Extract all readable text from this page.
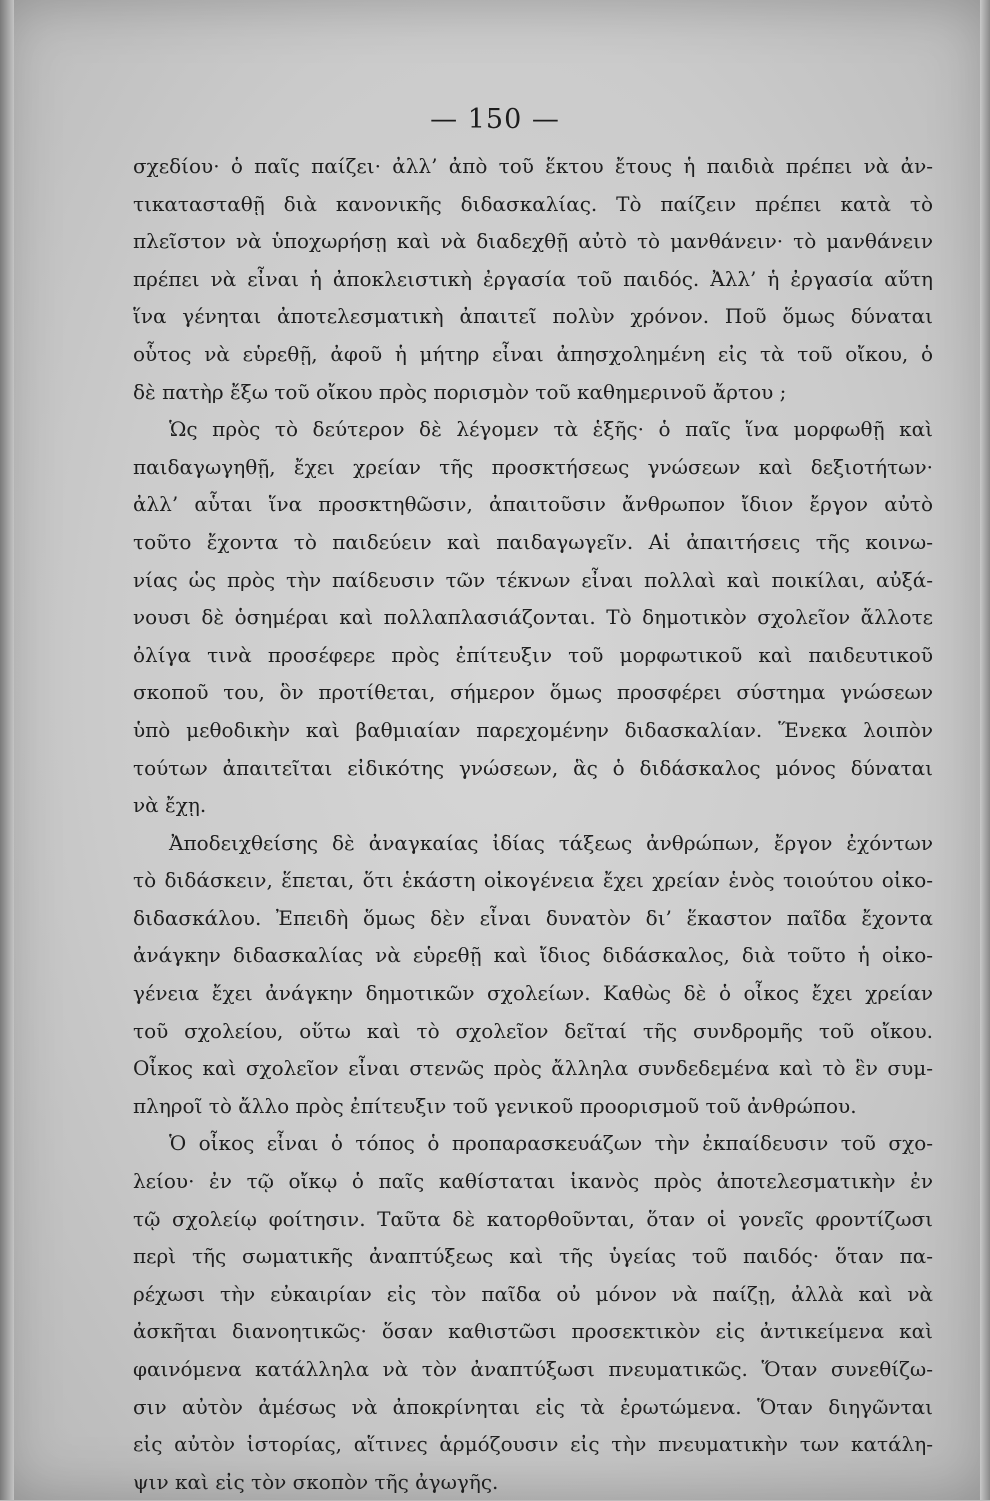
— 150 —
σχεδίου· ὁ παῖς παίζει· ἀλλ’ ἀπὸ τοῦ ἕκτου ἔτους ἡ παιδιὰ πρέπει νὰ ἀν-
τικατασταθῇ διὰ κανονικῆς διδασκαλίας. Τὸ παίζειν πρέπει κατὰ τὸ
πλεῖστον νὰ ὑποχωρήσῃ καὶ νὰ διαδεχθῇ αὐτὸ τὸ μανθάνειν· τὸ μανθάνειν
πρέπει νὰ εἶναι ἡ ἀποκλειστικὴ ἐργασία τοῦ παιδός. Ἀλλ’ ἡ ἐργασία αὕτη
ἵνα γένηται ἀποτελεσματικὴ ἀπαιτεῖ πολὺν χρόνον. Ποῦ ὅμως δύναται
οὗτος νὰ εὑρεθῇ, ἀφοῦ ἡ μήτηρ εἶναι ἀπησχολημένη εἰς τὰ τοῦ οἴκου, ὁ
δὲ πατὴρ ἔξω τοῦ οἴκου πρὸς πορισμὸν τοῦ καθημερινοῦ ἄρτου ;
Ὡς πρὸς τὸ δεύτερον δὲ λέγομεν τὰ ἑξῆς· ὁ παῖς ἵνα μορφωθῇ καὶ
παιδαγωγηθῇ, ἔχει χρείαν τῆς προσκτήσεως γνώσεων καὶ δεξιοτήτων·
ἀλλ’ αὗται ἵνα προσκτηθῶσιν, ἀπαιτοῦσιν ἄνθρωπον ἴδιον ἔργον αὐτὸ
τοῦτο ἔχοντα τὸ παιδεύειν καὶ παιδαγωγεῖν. Αἱ ἀπαιτήσεις τῆς κοινω-
νίας ὡς πρὸς τὴν παίδευσιν τῶν τέκνων εἶναι πολλαὶ καὶ ποικίλαι, αὐξά-
νουσι δὲ ὁσημέραι καὶ πολλαπλασιάζονται. Τὸ δημοτικὸν σχολεῖον ἄλλοτε
ὀλίγα τινὰ προσέφερε πρὸς ἐπίτευξιν τοῦ μορφωτικοῦ καὶ παιδευτικοῦ
σκοποῦ του, ὃν προτίθεται, σήμερον ὅμως προσφέρει σύστημα γνώσεων
ὑπὸ μεθοδικὴν καὶ βαθμιαίαν παρεχομένην διδασκαλίαν. Ἕνεκα λοιπὸν
τούτων ἀπαιτεῖται εἰδικότης γνώσεων, ἃς ὁ διδάσκαλος μόνος δύναται
νὰ ἔχῃ.
Ἀποδειχθείσης δὲ ἀναγκαίας ἰδίας τάξεως ἀνθρώπων, ἔργον ἐχόντων
τὸ διδάσκειν, ἕπεται, ὅτι ἑκάστη οἰκογένεια ἔχει χρείαν ἑνὸς τοιούτου οἰκο-
διδασκάλου. Ἐπειδὴ ὅμως δὲν εἶναι δυνατὸν δι’ ἕκαστον παῖδα ἔχοντα
ἀνάγκην διδασκαλίας νὰ εὑρεθῇ καὶ ἴδιος διδάσκαλος, διὰ τοῦτο ἡ οἰκο-
γένεια ἔχει ἀνάγκην δημοτικῶν σχολείων. Καθὼς δὲ ὁ οἶκος ἔχει χρείαν
τοῦ σχολείου, οὕτω καὶ τὸ σχολεῖον δεῖταί τῆς συνδρομῆς τοῦ οἴκου.
Οἶκος καὶ σχολεῖον εἶναι στενῶς πρὸς ἄλληλα συνδεδεμένα καὶ τὸ ἓν συμ-
πληροῖ τὸ ἄλλο πρὸς ἐπίτευξιν τοῦ γενικοῦ προορισμοῦ τοῦ ἀνθρώπου.
Ὁ οἶκος εἶναι ὁ τόπος ὁ προπαρασκευάζων τὴν ἐκπαίδευσιν τοῦ σχο-
λείου· ἐν τῷ οἴκῳ ὁ παῖς καθίσταται ἱκανὸς πρὸς ἀποτελεσματικὴν ἐν
τῷ σχολείῳ φοίτησιν. Ταῦτα δὲ κατορθοῦνται, ὅταν οἱ γονεῖς φροντίζωσι
περὶ τῆς σωματικῆς ἀναπτύξεως καὶ τῆς ὑγείας τοῦ παιδός· ὅταν πα-
ρέχωσι τὴν εὐκαιρίαν εἰς τὸν παῖδα οὐ μόνον νὰ παίζῃ, ἀλλὰ καὶ νὰ
ἀσκῆται διανοητικῶς· ὅσαν καθιστῶσι προσεκτικὸν εἰς ἀντικείμενα καὶ
φαινόμενα κατάλληλα νὰ τὸν ἀναπτύξωσι πνευματικῶς. Ὅταν συνεθίζω-
σιν αὐτὸν ἀμέσως νὰ ἀποκρίνηται εἰς τὰ ἐρωτώμενα. Ὅταν διηγῶνται
εἰς αὐτὸν ἱστορίας, αἵτινες ἁρμόζουσιν εἰς τὴν πνευματικὴν των κατάλη-
ψιν καὶ εἰς τὸν σκοπὸν τῆς ἀγωγῆς.
